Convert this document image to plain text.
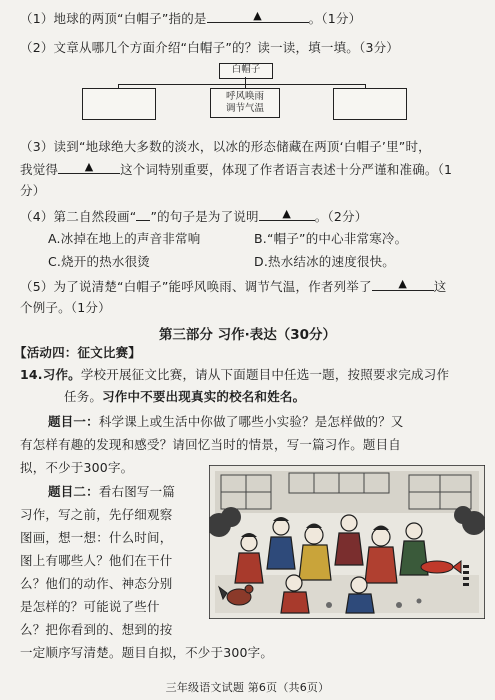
（1）地球的两顶“白帽子”指的是	▲	。（1分）
（2）文章从哪几个方面介绍“白帽子”的？读一读，填一填。（3分）
白帽子
呼风唤雨
调节气温
（3）读到“地球绝大多数的淡水，以冰的形态储藏在两顶‘白帽子’里”时，
我觉得 ▲ 这个词特别重要，体现了作者语言表述十分严谨和准确。（1
分）
（4）第二自然段画“ ”的句子是为了说明 ▲ 。（2分）
A.冰掉在地上的声音非常响	B.“帽子”的中心非常寒冷。
C.烧开的热水很烫	D.热水结冰的速度很快。
（5）为了说清楚“白帽子”能呼风唤雨、调节气温，作者列举了 ▲ 这
个例子。（1分）
第三部分 习作·表达（30分）
【活动四：征文比赛】
14.习作。学校开展征文比赛，请从下面题目中任选一题，按照要求完成习作
任务。习作中不要出现真实的校名和姓名。
题目一：科学课上或生活中你做了哪些小实验？是怎样做的？又
有怎样有趣的发现和感受？请回忆当时的情景，写一篇习作。题目自
拟，不少于300字。
题目二：看右图写一篇
习作，写之前，先仔细观察
图画，想一想：什么时间，
图上有哪些人？他们在干什
么？他们的动作、神态分别
是怎样的？可能说了些什
么？把你看到的、想到的按
一定顺序写清楚。题目自拟，不少于300字。
三年级语文试题 第6页（共6页）
